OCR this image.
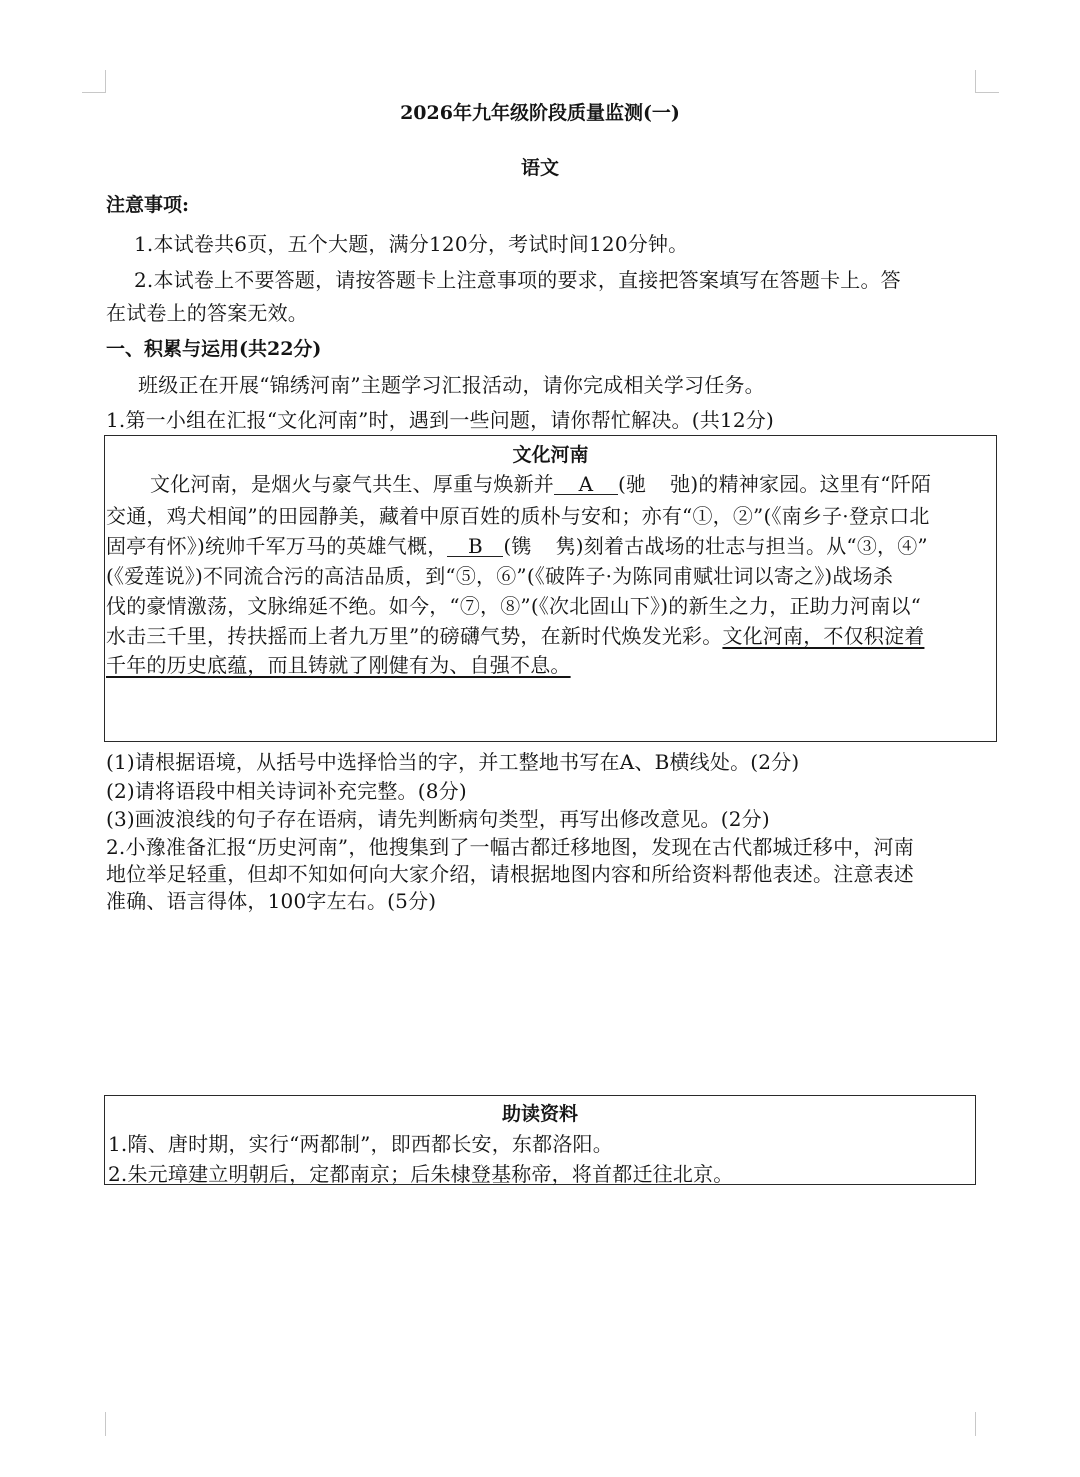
2026年九年级阶段质量监测(一)
语文
注意事项:
1.本试卷共6页，五个大题，满分120分，考试时间120分钟。
2.本试卷上不要答题，请按答题卡上注意事项的要求，直接把答案填写在答题卡上。答
在试卷上的答案无效。
一、积累与运用(共22分)
班级正在开展“锦绣河南”主题学习汇报活动，请你完成相关学习任务。
1.第一小组在汇报“文化河南”时，遇到一些问题，请你帮忙解决。(共12分)
文化河南
文化河南，是烟火与豪气共生、厚重与焕新并 A (驰 弛)的精神家园。这里有“阡陌
交通，鸡犬相闻”的田园静美，藏着中原百姓的质朴与安和；亦有“①，②”(《南乡子·登京口北
固亭有怀》)统帅千军万马的英雄气概， B (镌 隽)刻着古战场的壮志与担当。从“③，④”
(《爱莲说》)不同流合污的高洁品质，到“⑤，⑥”(《破阵子·为陈同甫赋壮词以寄之》)战场杀
伐的豪情激荡，文脉绵延不绝。如今，“⑦，⑧”(《次北固山下》)的新生之力，正助力河南以“
水击三千里，抟扶摇而上者九万里”的磅礴气势，在新时代焕发光彩。文化河南，不仅积淀着
千年的历史底蕴，而且铸就了刚健有为、自强不息。
(1)请根据语境，从括号中选择恰当的字，并工整地书写在A、B横线处。(2分)
(2)请将语段中相关诗词补充完整。(8分)
(3)画波浪线的句子存在语病，请先判断病句类型，再写出修改意见。(2分)
2.小豫准备汇报“历史河南”，他搜集到了一幅古都迁移地图，发现在古代都城迁移中，河南
地位举足轻重，但却不知如何向大家介绍，请根据地图内容和所给资料帮他表述。注意表述
准确、语言得体，100字左右。(5分)
助读资料
1.隋、唐时期，实行“两都制”，即西都长安，东都洛阳。
2.朱元璋建立明朝后，定都南京；后朱棣登基称帝，将首都迁往北京。
